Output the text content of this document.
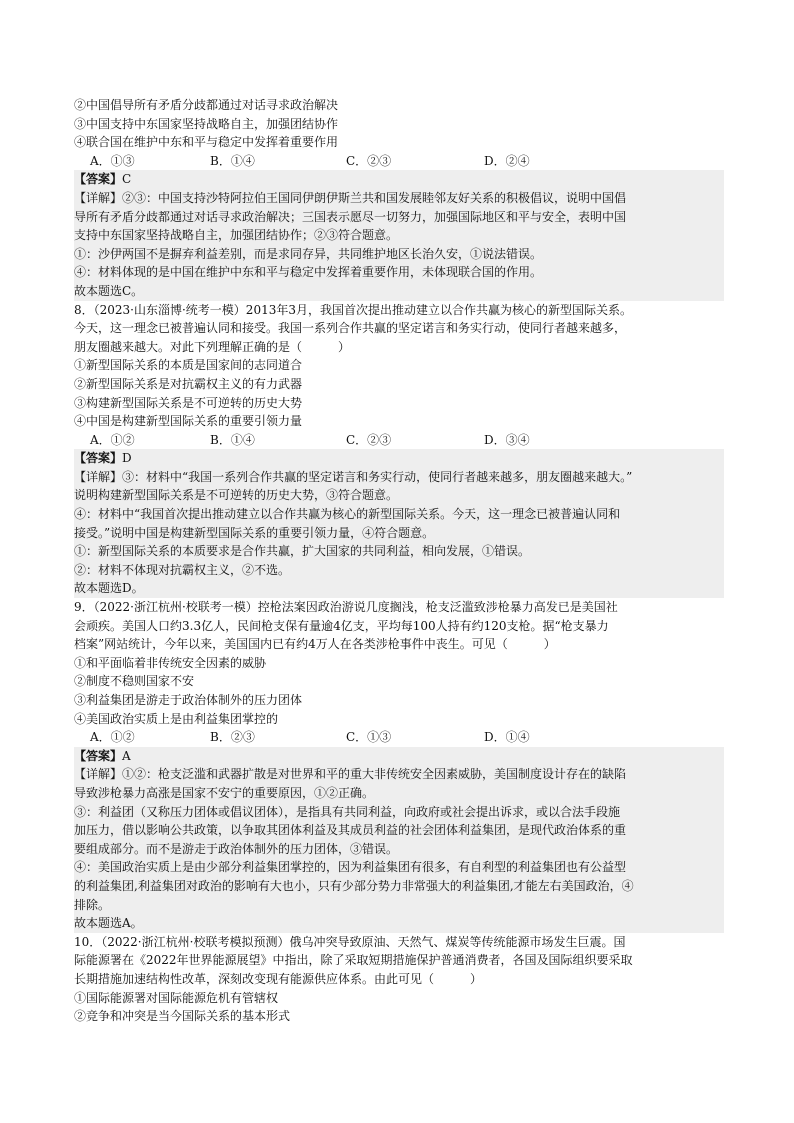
②中国倡导所有矛盾分歧都通过对话寻求政治解决
③中国支持中东国家坚持战略自主，加强团结协作
④联合国在维护中东和平与稳定中发挥着重要作用
A．①③	B．①④	C．②③	D．②④
【答案】C
【详解】②③：中国支持沙特阿拉伯王国同伊朗伊斯兰共和国发展睦邻友好关系的积极倡议，说明中国倡
导所有矛盾分歧都通过对话寻求政治解决；三国表示愿尽一切努力，加强国际地区和平与安全，表明中国
支持中东国家坚持战略自主，加强团结协作；②③符合题意。
①：沙伊两国不是摒弃利益差别，而是求同存异，共同维护地区长治久安，①说法错误。
④：材料体现的是中国在维护中东和平与稳定中发挥着重要作用，未体现联合国的作用。
故本题选C。
8．（2023·山东淄博·统考一模）2013年3月，我国首次提出推动建立以合作共赢为核心的新型国际关系。
今天，这一理念已被普遍认同和接受。我国一系列合作共赢的坚定诺言和务实行动，使同行者越来越多，
朋友圈越来越大。对此下列理解正确的是（　　　）
①新型国际关系的本质是国家间的志同道合
②新型国际关系是对抗霸权主义的有力武器
③构建新型国际关系是不可逆转的历史大势
④中国是构建新型国际关系的重要引领力量
A．①②	B．①④	C．②③	D．③④
【答案】D
【详解】③：材料中“我国一系列合作共赢的坚定诺言和务实行动，使同行者越来越多，朋友圈越来越大。”
说明构建新型国际关系是不可逆转的历史大势，③符合题意。
④：材料中“我国首次提出推动建立以合作共赢为核心的新型国际关系。今天，这一理念已被普遍认同和
接受。”说明中国是构建新型国际关系的重要引领力量，④符合题意。
①：新型国际关系的本质要求是合作共赢，扩大国家的共同利益，相向发展，①错误。
②：材料不体现对抗霸权主义，②不选。
故本题选D。
9．（2022·浙江杭州·校联考一模）控枪法案因政治游说几度搁浅，枪支泛滥致涉枪暴力高发已是美国社
会顽疾。美国人口约3.3亿人，民间枪支保有量逾4亿支，平均每100人持有约120支枪。据“枪支暴力
档案”网站统计，今年以来，美国国内已有约4万人在各类涉枪事件中丧生。可见（　　　）
①和平面临着非传统安全因素的威胁
②制度不稳则国家不安
③利益集团是游走于政治体制外的压力团体
④美国政治实质上是由利益集团掌控的
A．①②	B．②③	C．①③	D．①④
【答案】A
【详解】①②：枪支泛滥和武器扩散是对世界和平的重大非传统安全因素威胁，美国制度设计存在的缺陷
导致涉枪暴力高涨是国家不安宁的重要原因，①②正确。
③：利益团（又称压力团体或倡议团体），是指具有共同利益，向政府或社会提出诉求，或以合法手段施
加压力，借以影响公共政策，以争取其团体利益及其成员利益的社会团体利益集团，是现代政治体系的重
要组成部分。而不是游走于政治体制外的压力团体，③错误。
④：美国政治实质上是由少部分利益集团掌控的，因为利益集团有很多，有自利型的利益集团也有公益型
的利益集团,利益集团对政治的影响有大也小，只有少部分势力非常强大的利益集团,才能左右美国政治，④
排除。
故本题选A。
10．（2022·浙江杭州·校联考模拟预测）俄乌冲突导致原油、天然气、煤炭等传统能源市场发生巨震。国
际能源署在《2022年世界能源展望》中指出，除了采取短期措施保护普通消费者，各国及国际组织要采取
长期措施加速结构性改革，深刻改变现有能源供应体系。由此可见（　　　）
①国际能源署对国际能源危机有管辖权
②竞争和冲突是当今国际关系的基本形式
